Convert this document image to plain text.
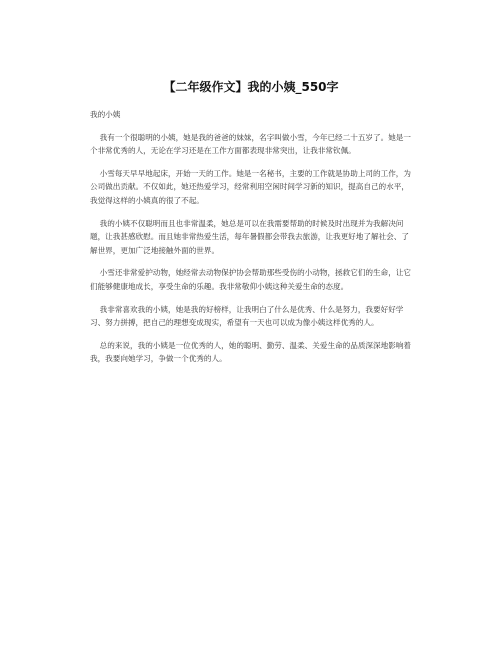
【二年级作文】我的小姨_550字

我的小姨

我有一个很聪明的小姨，她是我的爸爸的妹妹，名字叫做小雪，今年已经二十五岁了。她是一个非常优秀的人，无论在学习还是在工作方面都表现非常突出，让我非常钦佩。

小雪每天早早地起床，开始一天的工作。她是一名秘书，主要的工作就是协助上司的工作，为公司做出贡献。不仅如此，她还热爱学习，经常利用空闲时间学习新的知识，提高自己的水平，我觉得这样的小姨真的很了不起。

我的小姨不仅聪明而且也非常温柔，她总是可以在我需要帮助的时候及时出现并为我解决问题，让我甚感欣慰。而且她非常热爱生活，每年暑假都会带我去旅游，让我更好地了解社会、了解世界，更加广泛地接触外面的世界。

小雪还非常爱护动物，她经常去动物保护协会帮助那些受伤的小动物，拯救它们的生命，让它们能够健康地成长，享受生命的乐趣。我非常敬仰小姨这种关爱生命的态度。

我非常喜欢我的小姨，她是我的好榜样，让我明白了什么是优秀、什么是努力，我要好好学习、努力拼搏，把自己的理想变成现实，希望有一天也可以成为像小姨这样优秀的人。

总的来说，我的小姨是一位优秀的人，她的聪明、勤劳、温柔、关爱生命的品质深深地影响着我，我要向她学习，争做一个优秀的人。
